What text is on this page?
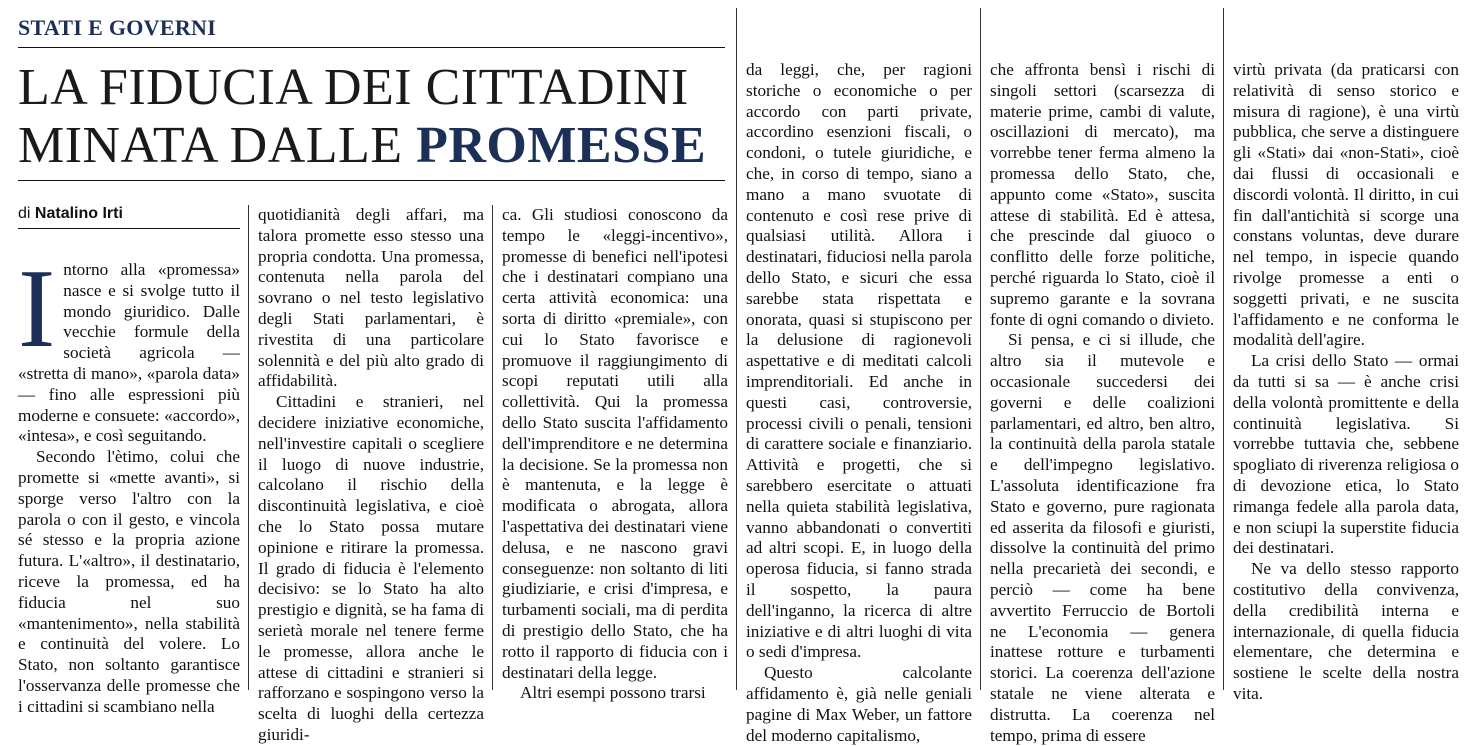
STATI E GOVERNI
LA FIDUCIA DEI CITTADINI
MINATA DALLE PROMESSE
di Natalino Irti
I ntorno alla «promessa» nasce e si svolge tutto il mondo giuridico. Dalle vecchie formule della società agricola — «stretta di mano», «parola data» — fino alle espressioni più moderne e consuete: «accordo», «intesa», e così seguitando.

Secondo l'ètimo, colui che promette si «mette avanti», si sporge verso l'altro con la parola o con il gesto, e vincola sé stesso e la propria azione futura. L'«altro», il destinatario, riceve la promessa, ed ha fiducia nel suo «mantenimento», nella stabilità e continuità del volere. Lo Stato, non soltanto garantisce l'osservanza delle promesse che i cittadini si scambiano nella

quotidianità degli affari, ma talora promette esso stesso una propria condotta. Una promessa, contenuta nella parola del sovrano o nel testo legislativo degli Stati parlamentari, è rivestita di una particolare solennità e del più alto grado di affidabilità.

Cittadini e stranieri, nel decidere iniziative economiche, nell'investire capitali o scegliere il luogo di nuove industrie, calcolano il rischio della discontinuità legislativa, e cioè che lo Stato possa mutare opinione e ritirare la promessa. Il grado di fiducia è l'elemento decisivo: se lo Stato ha alto prestigio e dignità, se ha fama di serietà morale nel tenere ferme le promesse, allora anche le attese di cittadini e stranieri si rafforzano e sospingono verso la scelta di luoghi della certezza giuridi-

ca. Gli studiosi conoscono da tempo le «leggi-incentivo», promesse di benefici nell'ipotesi che i destinatari compiano una certa attività economica: una sorta di diritto «premiale», con cui lo Stato favorisce e promuove il raggiungimento di scopi reputati utili alla collettività. Qui la promessa dello Stato suscita l'affidamento dell'imprenditore e ne determina la decisione. Se la promessa non è mantenuta, e la legge è modificata o abrogata, allora l'aspettativa dei destinatari viene delusa, e ne nascono gravi conseguenze: non soltanto di liti giudiziarie, e crisi d'impresa, e turbamenti sociali, ma di perdita di prestigio dello Stato, che ha rotto il rapporto di fiducia con i destinatari della legge.

Altri esempi possono trarsi

da leggi, che, per ragioni storiche o economiche o per accordo con parti private, accordino esenzioni fiscali, o condoni, o tutele giuridiche, e che, in corso di tempo, siano a mano a mano svuotate di contenuto e così rese prive di qualsiasi utilità. Allora i destinatari, fiduciosi nella parola dello Stato, e sicuri che essa sarebbe stata rispettata e onorata, quasi si stupiscono per la delusione di ragionevoli aspettative e di meditati calcoli imprenditoriali. Ed anche in questi casi, controversie, processi civili o penali, tensioni di carattere sociale e finanziario. Attività e progetti, che si sarebbero esercitate o attuati nella quieta stabilità legislativa, vanno abbandonati o convertiti ad altri scopi. E, in luogo della operosa fiducia, si fanno strada il sospetto, la paura dell'inganno, la ricerca di altre iniziative e di altri luoghi di vita o sedi d'impresa.

Questo calcolante affidamento è, già nelle geniali pagine di Max Weber, un fattore del moderno capitalismo,

che affronta bensì i rischi di singoli settori (scarsezza di materie prime, cambi di valute, oscillazioni di mercato), ma vorrebbe tener ferma almeno la promessa dello Stato, che, appunto come «Stato», suscita attese di stabilità. Ed è attesa, che prescinde dal giuoco o conflitto delle forze politiche, perché riguarda lo Stato, cioè il supremo garante e la sovrana fonte di ogni comando o divieto.

Si pensa, e ci si illude, che altro sia il mutevole e occasionale succedersi dei governi e delle coalizioni parlamentari, ed altro, ben altro, la continuità della parola statale e dell'impegno legislativo. L'assoluta identificazione fra Stato e governo, pure ragionata ed asserita da filosofi e giuristi, dissolve la continuità del primo nella precarietà dei secondi, e perciò — come ha bene avvertito Ferruccio de Bortoli ne L'economia — genera inattese rotture e turbamenti storici. La coerenza dell'azione statale ne viene alterata e distrutta. La coerenza nel tempo, prima di essere

virtù privata (da praticarsi con relatività di senso storico e misura di ragione), è una virtù pubblica, che serve a distinguere gli «Stati» dai «non-Stati», cioè dai flussi di occasionali e discordi volontà. Il diritto, in cui fin dall'antichità si scorge una constans voluntas, deve durare nel tempo, in ispecie quando rivolge promesse a enti o soggetti privati, e ne suscita l'affidamento e ne conforma le modalità dell'agire.

La crisi dello Stato — ormai da tutti si sa — è anche crisi della volontà promittente e della continuità legislativa. Si vorrebbe tuttavia che, sebbene spogliato di riverenza religiosa o di devozione etica, lo Stato rimanga fedele alla parola data, e non sciupi la superstite fiducia dei destinatari.

Ne va dello stesso rapporto costitutivo della convivenza, della credibilità interna e internazionale, di quella fiducia elementare, che determina e sostiene le scelte della nostra vita.
